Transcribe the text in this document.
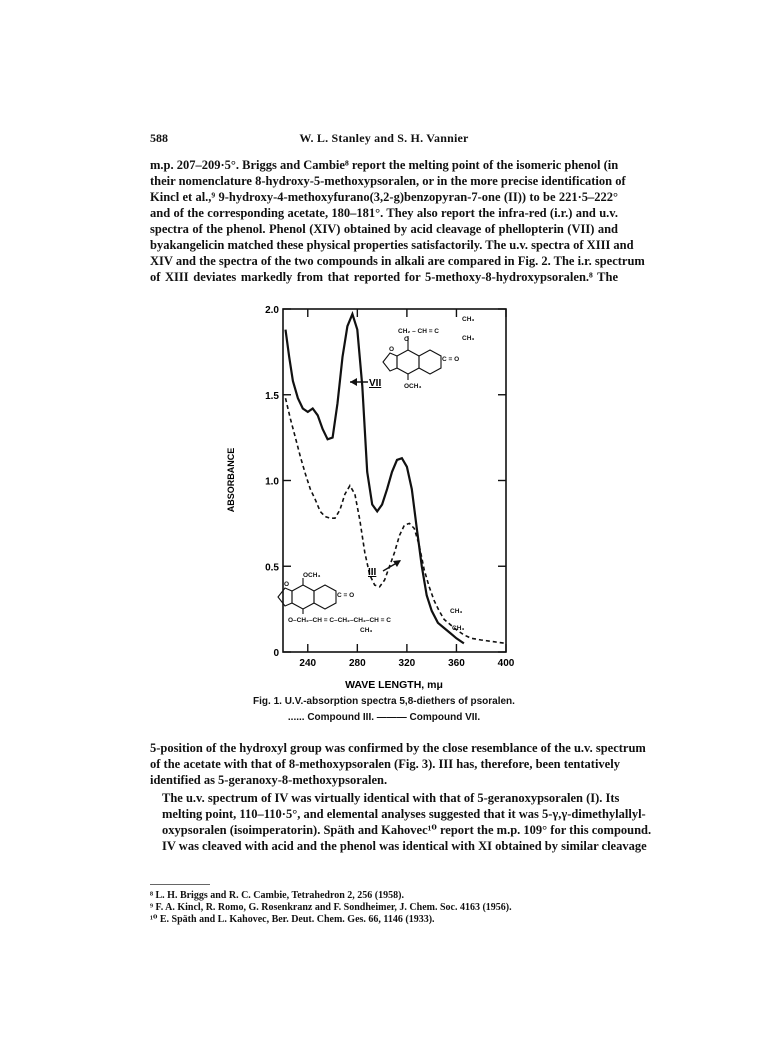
588	W. L. Stanley and S. H. Vannier
m.p. 207–209·5°. Briggs and Cambie⁸ report the melting point of the isomeric phenol (in
their nomenclature 8-hydroxy-5-methoxypsoralen, or in the more precise identification of
Kincl et al.,⁹ 9-hydroxy-4-methoxyfurano(3,2-g)benzopyran-7-one (II)) to be 221·5–222°
and of the corresponding acetate, 180–181°. They also report the infra-red (i.r.) and u.v.
spectra of the phenol. Phenol (XIV) obtained by acid cleavage of phellopterin (VII) and
byakangelicin matched these physical properties satisfactorily. The u.v. spectra of XIII and
XIV and the spectra of the two compounds in alkali are compared in Fig. 2. The i.r. spectrum
of XIII deviates markedly from that reported for 5-methoxy-8-hydroxypsoralen.⁸ The
240	280	320	360	400
0
0.5
1.0
1.5
2.0
ABSORBANCE
WAVE LENGTH, mμ
VII
III
CH₂ – CH = C
CH₃
CH₃
O
OCH₃
C = O
O
OCH₃
C = O
O
O–CH₂–CH = C–CH₂–CH₂–CH = C
CH₃
CH₃
CH₃
Fig. 1. U.V.-absorption spectra 5,8-diethers of psoralen.
...... Compound III. ——— Compound VII.
5-position of the hydroxyl group was confirmed by the close resemblance of the u.v. spectrum
of the acetate with that of 8-methoxypsoralen (Fig. 3). III has, therefore, been tentatively
identified as 5-geranoxy-8-methoxypsoralen.
The u.v. spectrum of IV was virtually identical with that of 5-geranoxypsoralen (I). Its
melting point, 110–110·5°, and elemental analyses suggested that it was 5-γ,γ-dimethylallyl-
oxypsoralen (isoimperatorin). Späth and Kahovec¹⁰ report the m.p. 109° for this compound.
IV was cleaved with acid and the phenol was identical with XI obtained by similar cleavage
⁸ L. H. Briggs and R. C. Cambie, Tetrahedron 2, 256 (1958).
⁹ F. A. Kincl, R. Romo, G. Rosenkranz and F. Sondheimer, J. Chem. Soc. 4163 (1956).
¹⁰ E. Späth and L. Kahovec, Ber. Deut. Chem. Ges. 66, 1146 (1933).
